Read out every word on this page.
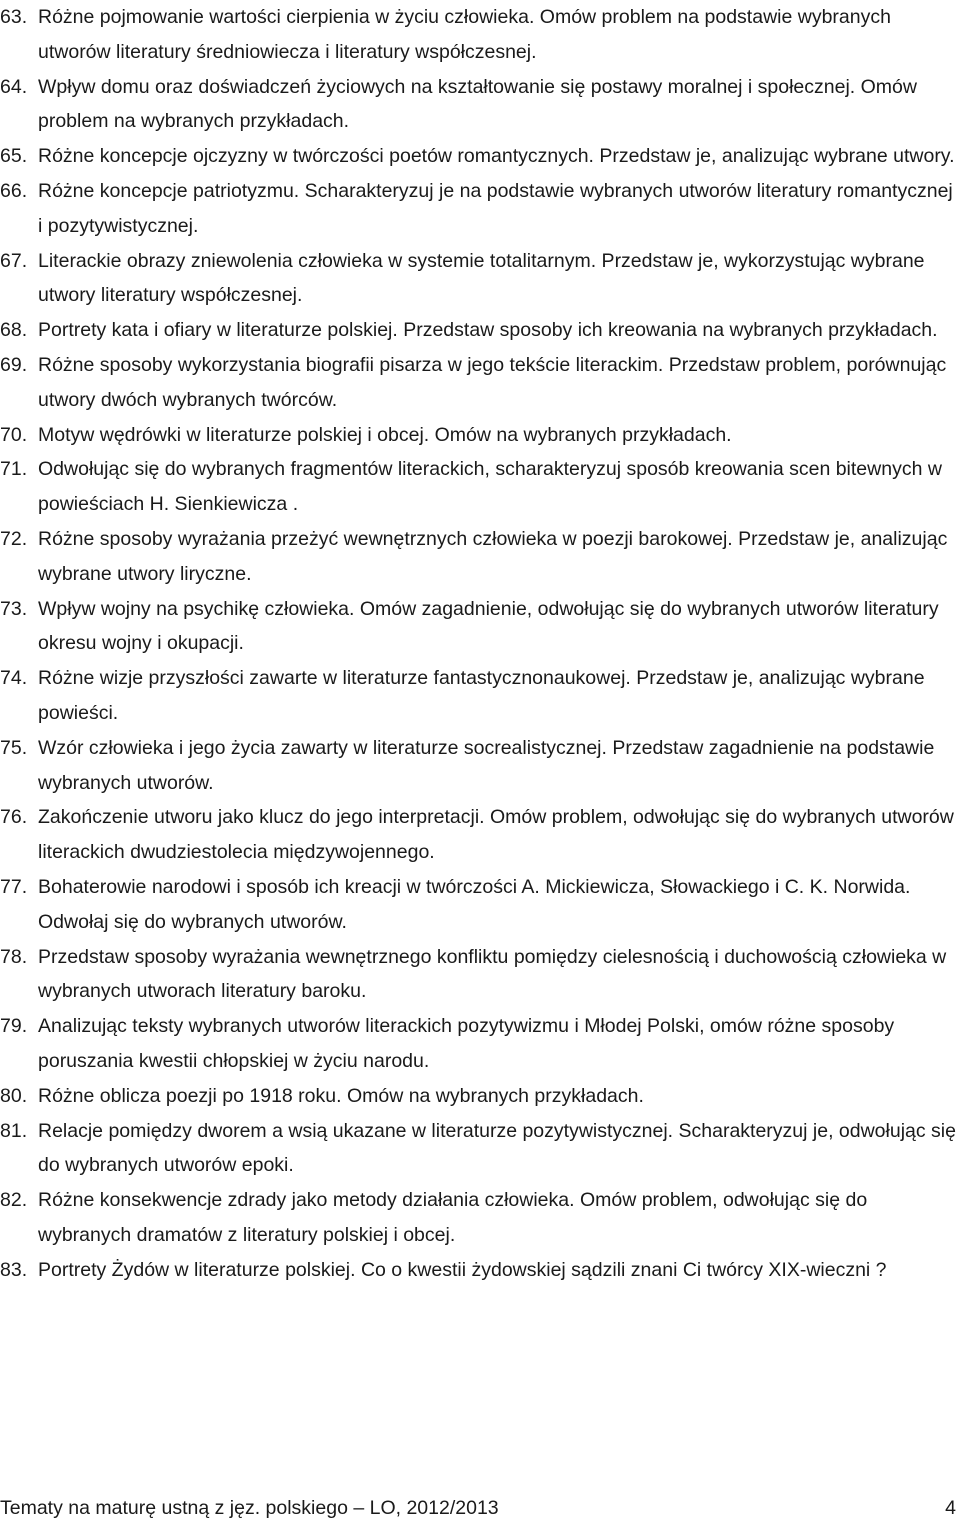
63. Różne pojmowanie wartości cierpienia w życiu człowieka. Omów problem na podstawie wybranych utworów literatury średniowiecza i literatury współczesnej.
64. Wpływ domu oraz doświadczeń życiowych na kształtowanie się postawy moralnej i społecznej. Omów problem na wybranych przykładach.
65. Różne koncepcje ojczyzny w twórczości poetów romantycznych. Przedstaw je, analizując wybrane utwory.
66. Różne koncepcje patriotyzmu. Scharakteryzuj je na podstawie wybranych utworów literatury romantycznej i pozytywistycznej.
67. Literackie obrazy zniewolenia człowieka w systemie totalitarnym. Przedstaw je, wykorzystując wybrane utwory literatury współczesnej.
68. Portrety kata i ofiary w literaturze polskiej. Przedstaw sposoby ich kreowania na wybranych przykładach.
69. Różne sposoby wykorzystania biografii pisarza w jego tekście literackim. Przedstaw problem, porównując utwory dwóch wybranych twórców.
70. Motyw wędrówki w literaturze polskiej i obcej. Omów na wybranych przykładach.
71. Odwołując się do wybranych fragmentów literackich, scharakteryzuj sposób kreowania scen bitewnych w powieściach H. Sienkiewicza .
72. Różne sposoby wyrażania przeżyć wewnętrznych człowieka w poezji barokowej. Przedstaw je, analizując wybrane utwory liryczne.
73. Wpływ wojny na psychikę człowieka. Omów zagadnienie, odwołując się do wybranych utworów literatury okresu wojny i okupacji.
74. Różne wizje przyszłości zawarte w literaturze fantastycznonaukowej. Przedstaw je, analizując wybrane powieści.
75. Wzór człowieka i jego życia zawarty w literaturze socrealistycznej. Przedstaw zagadnienie na podstawie wybranych utworów.
76. Zakończenie utworu jako klucz do jego interpretacji. Omów problem, odwołując się do wybranych utworów literackich dwudziestolecia międzywojennego.
77. Bohaterowie narodowi i sposób ich kreacji w twórczości A. Mickiewicza, Słowackiego i C. K. Norwida. Odwołaj się do wybranych utworów.
78. Przedstaw sposoby wyrażania wewnętrznego konfliktu pomiędzy cielesnością i duchowością człowieka w wybranych utworach literatury baroku.
79. Analizując teksty wybranych utworów literackich pozytywizmu i Młodej Polski, omów różne sposoby poruszania kwestii chłopskiej w życiu narodu.
80. Różne oblicza poezji po 1918 roku. Omów na wybranych przykładach.
81. Relacje pomiędzy dworem a wsią ukazane w literaturze pozytywistycznej. Scharakteryzuj je, odwołując się do wybranych utworów epoki.
82. Różne konsekwencje zdrady jako metody działania człowieka. Omów problem, odwołując się do wybranych dramatów z literatury polskiej i obcej.
83. Portrety Żydów w literaturze polskiej. Co o kwestii żydowskiej sądzili znani Ci twórcy XIX-wieczni ?
Tematy na maturę ustną z jęz. polskiego – LO, 2012/2013	4
